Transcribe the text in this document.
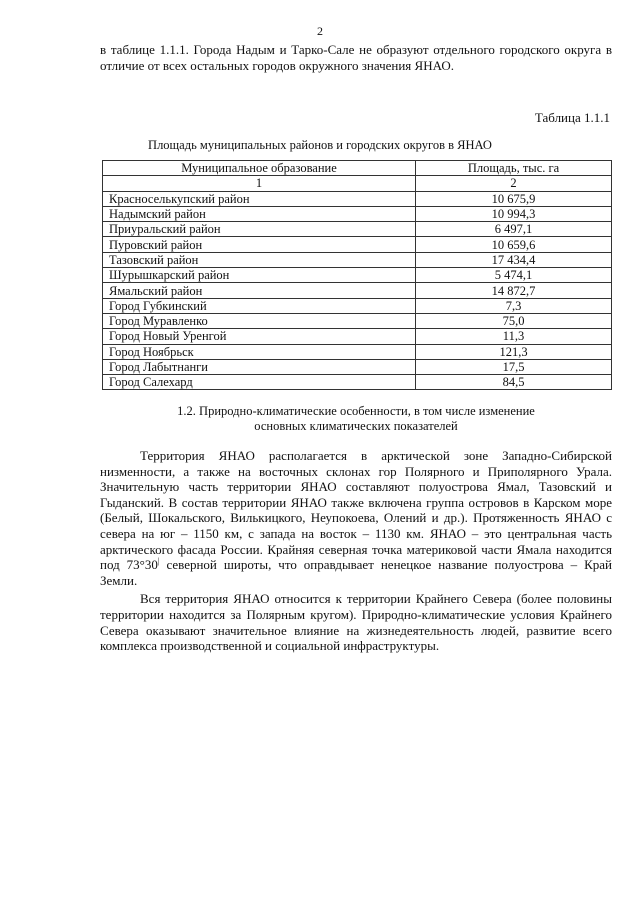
2
в таблице 1.1.1. Города Надым и Тарко-Сале не образуют отдельного городского округа в отличие от всех остальных городов окружного значения ЯНАО.
Таблица 1.1.1
Площадь муниципальных районов и городских округов в ЯНАО
Муниципальное образование	Площадь, тыс. га
1	2
Красноселькупский район	10 675,9
Надымский район	10 994,3
Приуральский район	6 497,1
Пуровский район	10 659,6
Тазовский район	17 434,4
Шурышкарский район	5 474,1
Ямальский район	14 872,7
Город Губкинский	7,3
Город Муравленко	75,0
Город Новый Уренгой	11,3
Город Ноябрьск	121,3
Город Лабытнанги	17,5
Город Салехард	84,5
1.2. Природно-климатические особенности, в том числе изменение
основных климатических показателей

Территория ЯНАО располагается в арктической зоне Западно-Сибирской низменности, а также на восточных склонах гор Полярного и Приполярного Урала. Значительную часть территории ЯНАО составляют полуострова Ямал, Тазовский и Гыданский. В состав территории ЯНАО также включена группа островов в Карском море (Белый, Шокальского, Вилькицкого, Неупокоева, Олений и др.). Протяженность ЯНАО с севера на юг – 1150 км, с запада на восток – 1130 км. ЯНАО – это центральная часть арктического фасада России. Крайняя северная точка материковой части Ямала находится под 73°30| северной широты, что оправдывает ненецкое название полуострова – Край Земли.

Вся территория ЯНАО относится к территории Крайнего Севера (более половины территории находится за Полярным кругом). Природно-климатические условия Крайнего Севера оказывают значительное влияние на жизнедеятельность людей, развитие всего комплекса производственной и социальной инфраструктуры.
